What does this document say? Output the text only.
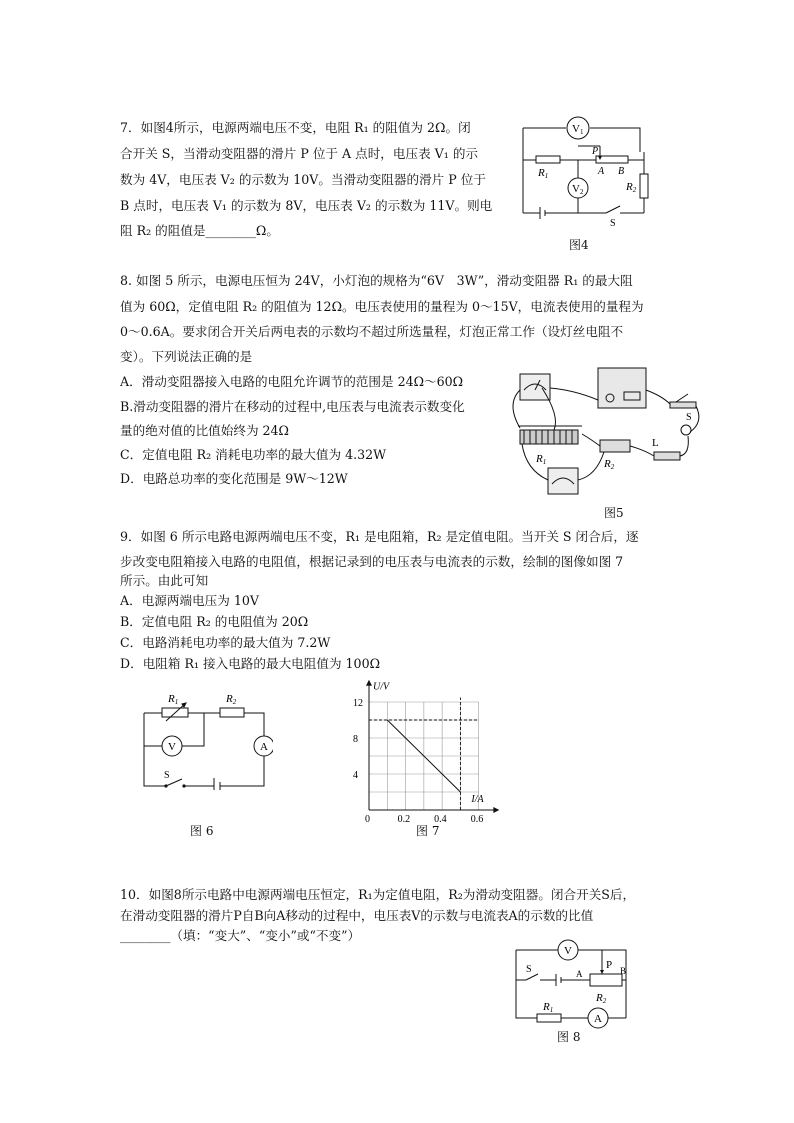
7．如图4所示，电源两端电压不变，电阻 R₁ 的阻值为 2Ω。闭
合开关 S，当滑动变阻器的滑片 P 位于 A 点时，电压表 V₁ 的示
数为 4V，电压表 V₂ 的示数为 10V。当滑动变阻器的滑片 P 位于
B 点时，电压表 V₁ 的示数为 8V，电压表 V₂ 的示数为 11V。则电
阻 R₂ 的阻值是________Ω。
V1
V2
R1
R2
P
A B
S
图4
8. 如图 5 所示，电源电压恒为 24V，小灯泡的规格为“6V　3W”，滑动变阻器 R₁ 的最大阻
值为 60Ω，定值电阻 R₂ 的阻值为 12Ω。电压表使用的量程为 0～15V，电流表使用的量程为
0～0.6A。要求闭合开关后两电表的示数均不超过所选量程，灯泡正常工作（设灯丝电阻不
变）。下列说法正确的是
A．滑动变阻器接入电路的电阻允许调节的范围是 24Ω～60Ω
B.滑动变阻器的滑片在移动的过程中,电压表与电流表示数变化
量的绝对值的比值始终为 24Ω
C．定值电阻 R₂ 消耗电功率的最大值为 4.32W
D．电路总功率的变化范围是 9W～12W
R1	R2
L
S
图5
9．如图 6 所示电路电源两端电压不变，R₁ 是电阻箱，R₂ 是定值电阻。当开关 S 闭合后，逐
步改变电阻箱接入电路的电阻值，根据记录到的电压表与电流表的示数，绘制的图像如图 7
所示。由此可知
A．电源两端电压为 10V
B．定值电阻 R₂ 的电阻值为 20Ω
C．电路消耗电功率的最大值为 7.2W
D．电阻箱 R₁ 接入电路的最大电阻值为 100Ω
R1	R2
V	A
S
图 6
0.2 0.4 0.6
4
8
12
0
I/A
U/V
图 7
10．如图8所示电路中电源两端电压恒定，R₁为定值电阻，R₂为滑动变阻器。闭合开关S后，
在滑动变阻器的滑片P自B向A移动的过程中，电压表V的示数与电流表A的示数的比值
________（填：“变大”、“变小”或“不变”）
V
S	A
P B
R2
R1
A
图 8
